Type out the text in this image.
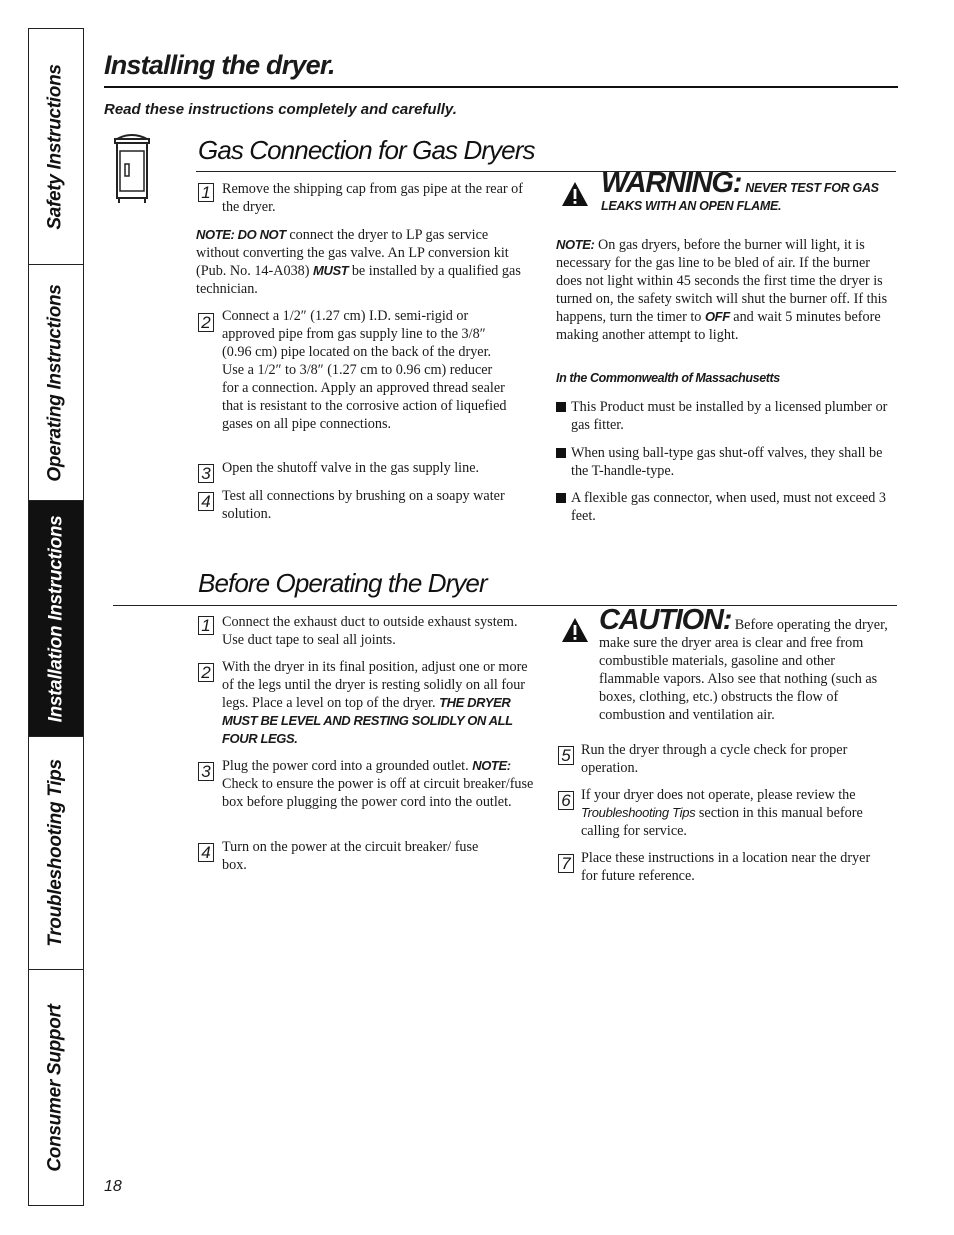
Safety Instructions
Operating Instructions
Installation Instructions
Troubleshooting Tips
Consumer Support
Installing the dryer.
Read these instructions completely and carefully.
Gas Connection for Gas Dryers
1 Remove the shipping cap from gas pipe at the rear of the dryer.
NOTE: DO NOT connect the dryer to LP gas service without converting the gas valve. An LP conversion kit (Pub. No. 14-A038) MUST be installed by a qualified gas technician.
2 Connect a 1/2″ (1.27 cm) I.D. semi-rigid or approved pipe from gas supply line to the 3/8″ (0.96 cm) pipe located on the back of the dryer. Use a 1/2″ to 3/8″ (1.27 cm to 0.96 cm) reducer for a connection. Apply an approved thread sealer that is resistant to the corrosive action of liquefied gases on all pipe connections.
3 Open the shutoff valve in the gas supply line.
4 Test all connections by brushing on a soapy water solution.
WARNING: NEVER TEST FOR GAS LEAKS WITH AN OPEN FLAME.
NOTE: On gas dryers, before the burner will light, it is necessary for the gas line to be bled of air. If the burner does not light within 45 seconds the first time the dryer is turned on, the safety switch will shut the burner off. If this happens, turn the timer to OFF and wait 5 minutes before making another attempt to light.
In the Commonwealth of Massachusetts
This Product must be installed by a licensed plumber or gas fitter.
When using ball-type gas shut-off valves, they shall be the T-handle-type.
A flexible gas connector, when used, must not exceed 3 feet.
Before Operating the Dryer
1 Connect the exhaust duct to outside exhaust system. Use duct tape to seal all joints.
2 With the dryer in its final position, adjust one or more of the legs until the dryer is resting solidly on all four legs. Place a level on top of the dryer. THE DRYER MUST BE LEVEL AND RESTING SOLIDLY ON ALL FOUR LEGS.
3 Plug the power cord into a grounded outlet. NOTE: Check to ensure the power is off at circuit breaker/fuse box before plugging the power cord into the outlet.
4 Turn on the power at the circuit breaker/ fuse box.
CAUTION: Before operating the dryer, make sure the dryer area is clear and free from combustible materials, gasoline and other flammable vapors. Also see that nothing (such as boxes, clothing, etc.) obstructs the flow of combustion and ventilation air.
5 Run the dryer through a cycle check for proper operation.
6 If your dryer does not operate, please review the Troubleshooting Tips section in this manual before calling for service.
7 Place these instructions in a location near the dryer for future reference.
18
